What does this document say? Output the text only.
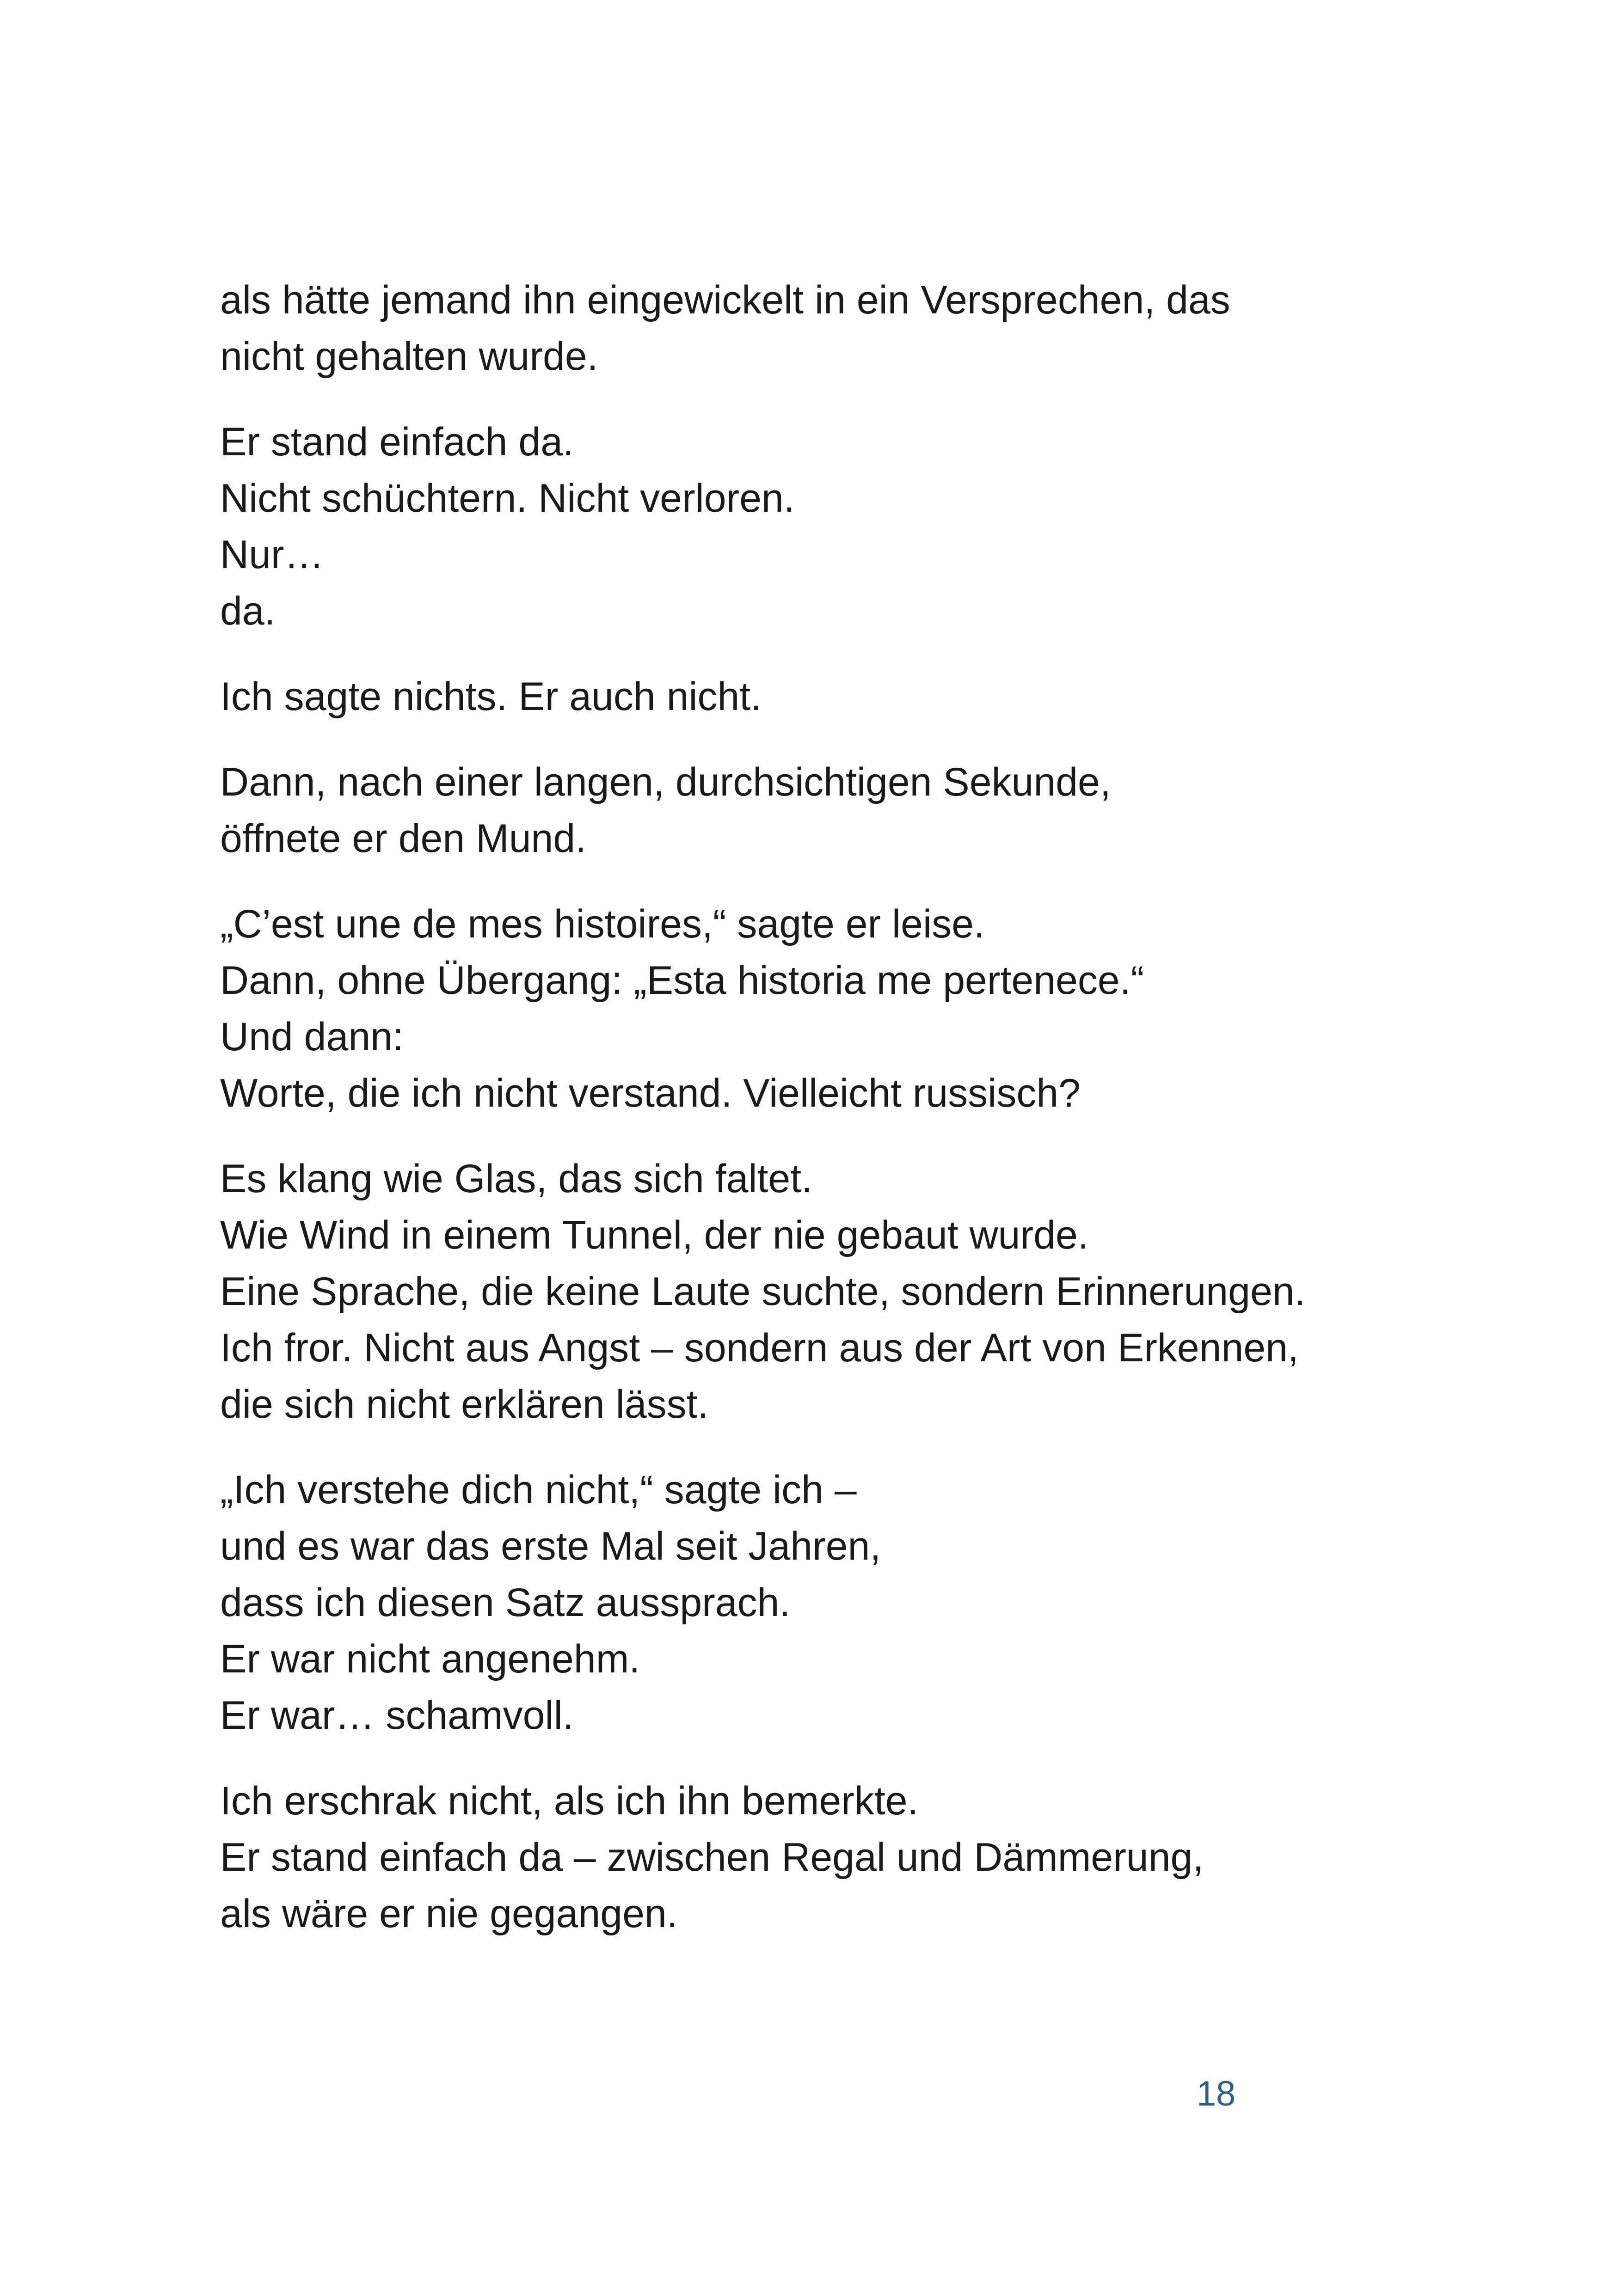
als hätte jemand ihn eingewickelt in ein Versprechen, das
nicht gehalten wurde.

Er stand einfach da.
Nicht schüchtern. Nicht verloren.
Nur…
da.

Ich sagte nichts. Er auch nicht.

Dann, nach einer langen, durchsichtigen Sekunde,
öffnete er den Mund.

„C’est une de mes histoires,“ sagte er leise.
Dann, ohne Übergang: „Esta historia me pertenece.“
Und dann:
Worte, die ich nicht verstand. Vielleicht russisch?

Es klang wie Glas, das sich faltet.
Wie Wind in einem Tunnel, der nie gebaut wurde.
Eine Sprache, die keine Laute suchte, sondern Erinnerungen.
Ich fror. Nicht aus Angst – sondern aus der Art von Erkennen,
die sich nicht erklären lässt.

„Ich verstehe dich nicht,“ sagte ich –
und es war das erste Mal seit Jahren,
dass ich diesen Satz aussprach.
Er war nicht angenehm.
Er war… schamvoll.

Ich erschrak nicht, als ich ihn bemerkte.
Er stand einfach da – zwischen Regal und Dämmerung,
als wäre er nie gegangen.

18
